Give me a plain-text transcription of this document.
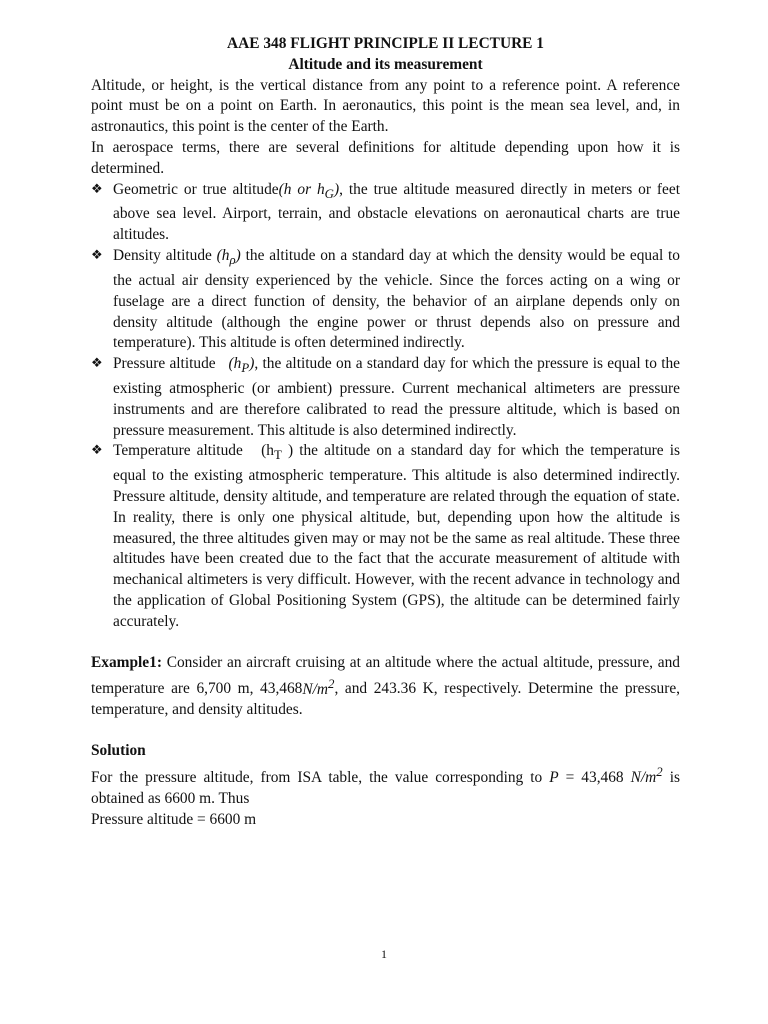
AAE 348 FLIGHT PRINCIPLE II LECTURE 1
Altitude and its measurement

Altitude, or height, is the vertical distance from any point to a reference point. A reference point must be on a point on Earth. In aeronautics, this point is the mean sea level, and, in astronautics, this point is the center of the Earth.

In aerospace terms, there are several definitions for altitude depending upon how it is determined.

❖ Geometric or true altitude(h or $h_G$), the true altitude measured directly in meters or feet above sea level. Airport, terrain, and obstacle elevations on aeronautical charts are true altitudes.
❖ Density altitude $(h_\rho)$ the altitude on a standard day at which the density would be equal to the actual air density experienced by the vehicle. Since the forces acting on a wing or fuselage are a direct function of density, the behavior of an airplane depends only on density altitude (although the engine power or thrust depends also on pressure and temperature). This altitude is often determined indirectly.
❖ Pressure altitude   $(h_P)$, the altitude on a standard day for which the pressure is equal to the existing atmospheric (or ambient) pressure. Current mechanical altimeters are pressure instruments and are therefore calibrated to read the pressure altitude, which is based on pressure measurement. This altitude is also determined indirectly.
❖ Temperature altitude   ($h_T$ ) the altitude on a standard day for which the temperature is equal to the existing atmospheric temperature. This altitude is also determined indirectly. Pressure altitude, density altitude, and temperature are related through the equation of state. In reality, there is only one physical altitude, but, depending upon how the altitude is measured, the three altitudes given may or may not be the same as real altitude. These three altitudes have been created due to the fact that the accurate measurement of altitude with mechanical altimeters is very difficult. However, with the recent advance in technology and the application of Global Positioning System (GPS), the altitude can be determined fairly accurately.

Example1: Consider an aircraft cruising at an altitude where the actual altitude, pressure, and temperature are 6,700 m, $43,468N/m^2$, and 243.36 K, respectively. Determine the pressure, temperature, and density altitudes.

Solution

For the pressure altitude, from ISA table, the value corresponding to P = 43,468 $N/m^2$ is obtained as 6600 m. Thus

Pressure altitude = 6600 m
1
